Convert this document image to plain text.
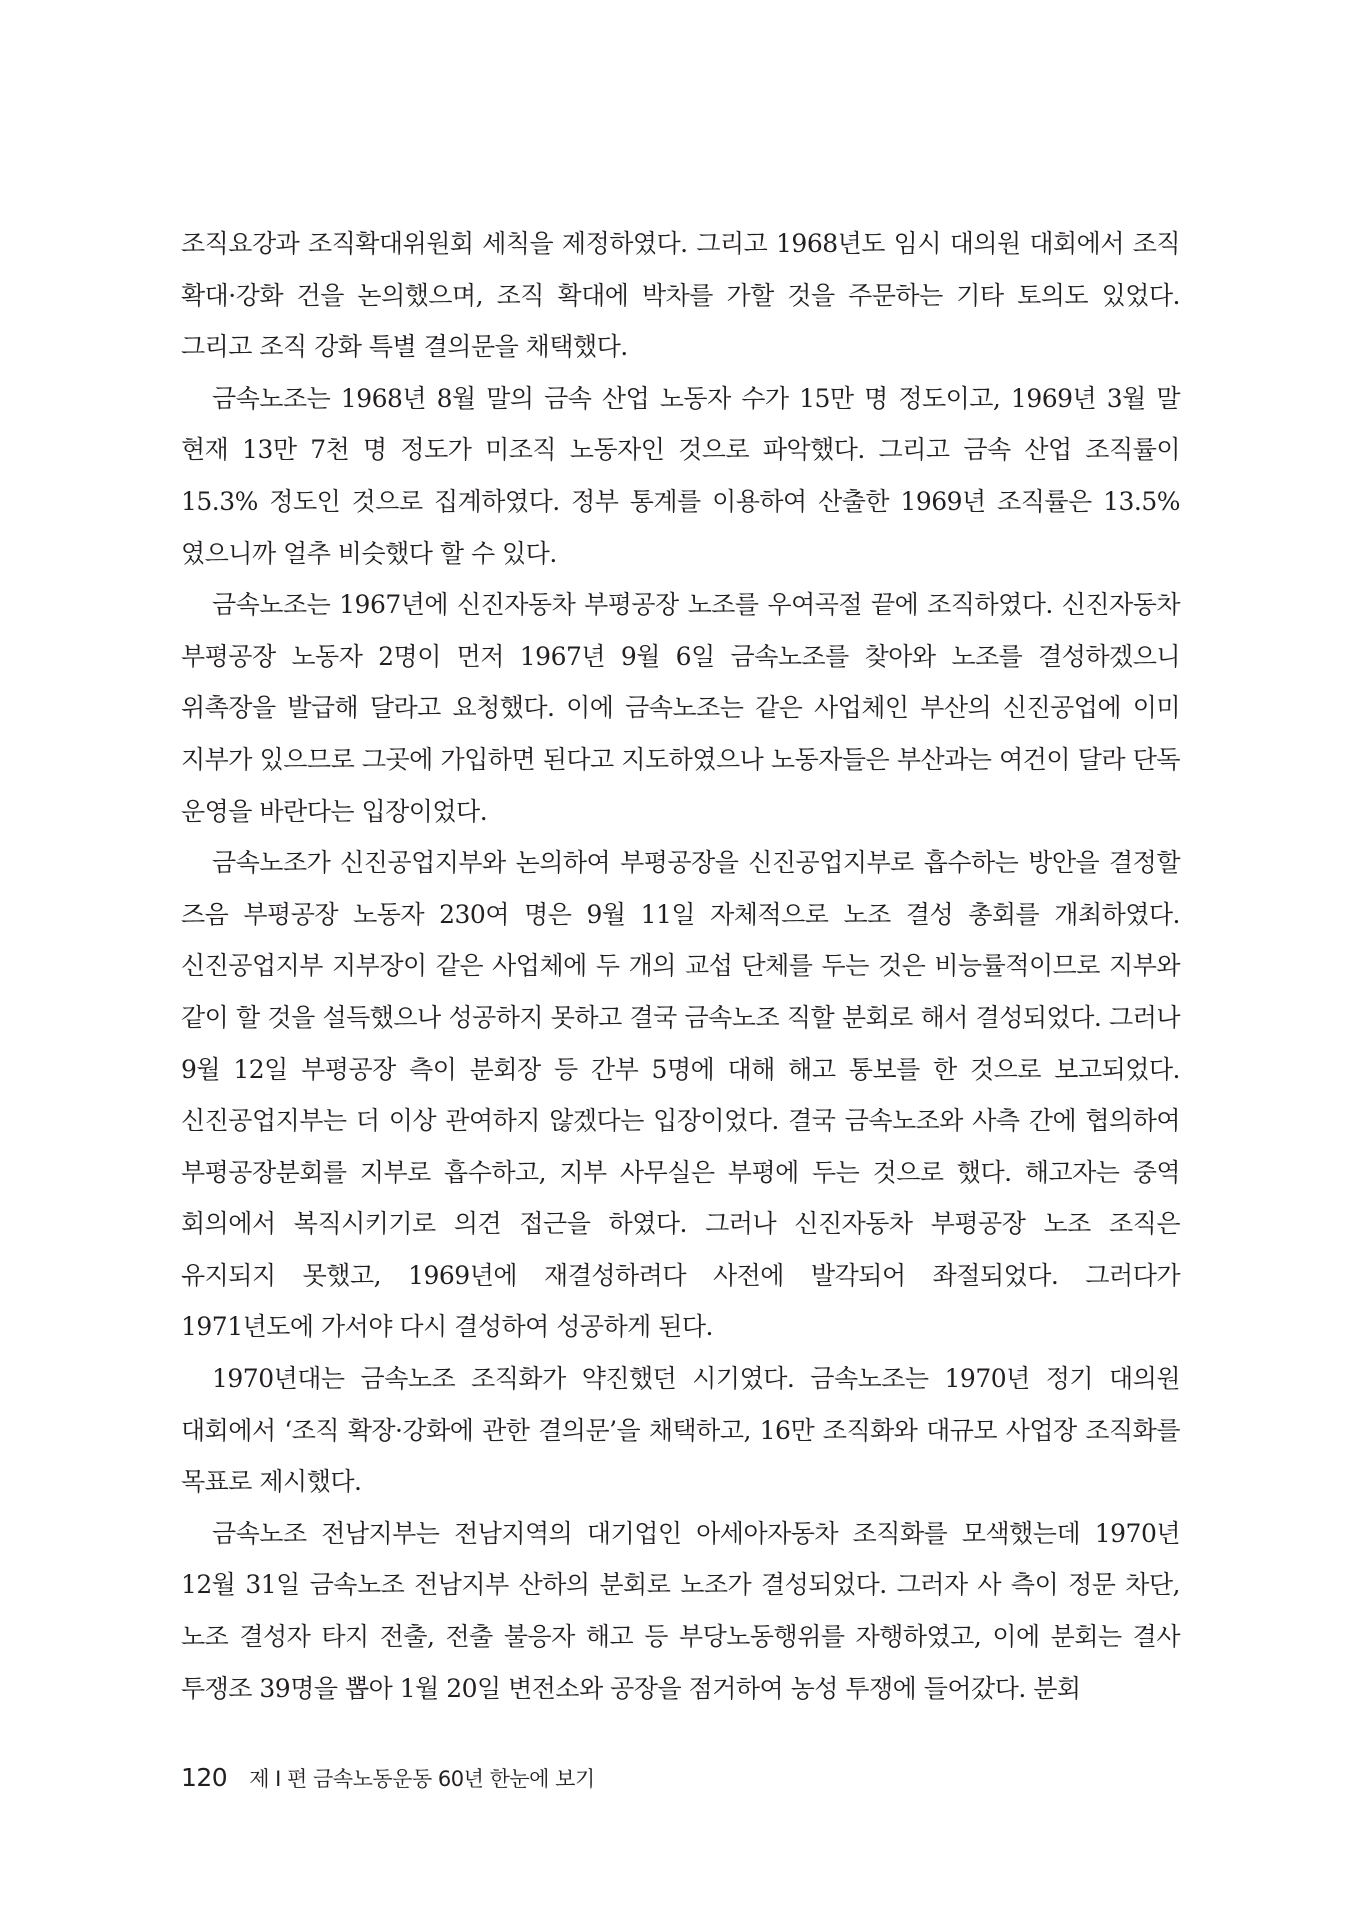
조직요강과 조직확대위원회 세칙을 제정하였다. 그리고 1968년도 임시 대의원 대회에서 조직 확대·강화 건을 논의했으며, 조직 확대에 박차를 가할 것을 주문하는 기타 토의도 있었다. 그리고 조직 강화 특별 결의문을 채택했다.

금속노조는 1968년 8월 말의 금속 산업 노동자 수가 15만 명 정도이고, 1969년 3월 말 현재 13만 7천 명 정도가 미조직 노동자인 것으로 파악했다. 그리고 금속 산업 조직률이 15.3% 정도인 것으로 집계하였다. 정부 통계를 이용하여 산출한 1969년 조직률은 13.5%였으니까 얼추 비슷했다 할 수 있다.

금속노조는 1967년에 신진자동차 부평공장 노조를 우여곡절 끝에 조직하였다. 신진자동차 부평공장 노동자 2명이 먼저 1967년 9월 6일 금속노조를 찾아와 노조를 결성하겠으니 위촉장을 발급해 달라고 요청했다. 이에 금속노조는 같은 사업체인 부산의 신진공업에 이미 지부가 있으므로 그곳에 가입하면 된다고 지도하였으나 노동자들은 부산과는 여건이 달라 단독 운영을 바란다는 입장이었다.

금속노조가 신진공업지부와 논의하여 부평공장을 신진공업지부로 흡수하는 방안을 결정할 즈음 부평공장 노동자 230여 명은 9월 11일 자체적으로 노조 결성 총회를 개최하였다. 신진공업지부 지부장이 같은 사업체에 두 개의 교섭 단체를 두는 것은 비능률적이므로 지부와 같이 할 것을 설득했으나 성공하지 못하고 결국 금속노조 직할 분회로 해서 결성되었다. 그러나 9월 12일 부평공장 측이 분회장 등 간부 5명에 대해 해고 통보를 한 것으로 보고되었다. 신진공업지부는 더 이상 관여하지 않겠다는 입장이었다. 결국 금속노조와 사측 간에 협의하여 부평공장분회를 지부로 흡수하고, 지부 사무실은 부평에 두는 것으로 했다. 해고자는 중역 회의에서 복직시키기로 의견 접근을 하였다. 그러나 신진자동차 부평공장 노조 조직은 유지되지 못했고, 1969년에 재결성하려다 사전에 발각되어 좌절되었다. 그러다가 1971년도에 가서야 다시 결성하여 성공하게 된다.

1970년대는 금속노조 조직화가 약진했던 시기였다. 금속노조는 1970년 정기 대의원 대회에서 ‘조직 확장·강화에 관한 결의문’을 채택하고, 16만 조직화와 대규모 사업장 조직화를 목표로 제시했다.

금속노조 전남지부는 전남지역의 대기업인 아세아자동차 조직화를 모색했는데 1970년 12월 31일 금속노조 전남지부 산하의 분회로 노조가 결성되었다. 그러자 사 측이 정문 차단, 노조 결성자 타지 전출, 전출 불응자 해고 등 부당노동행위를 자행하였고, 이에 분회는 결사 투쟁조 39명을 뽑아 1월 20일 변전소와 공장을 점거하여 농성 투쟁에 들어갔다. 분회

120 제 I 편 금속노동운동 60년 한눈에 보기
